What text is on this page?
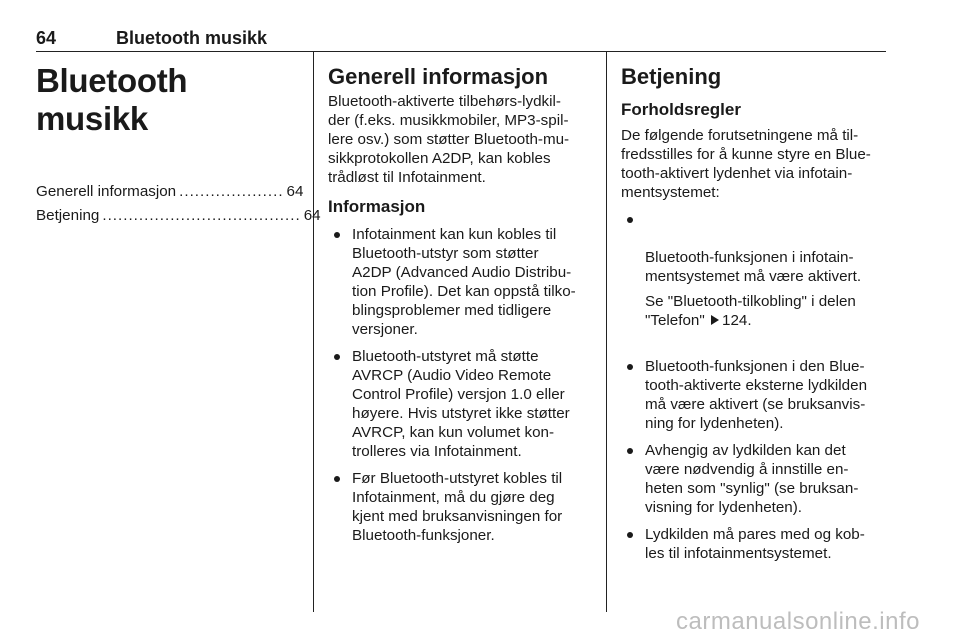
64	Bluetooth musikk
Bluetooth musikk
Generell informasjon .................... 64
Betjening ...................................... 64
Generell informasjon

Bluetooth-aktiverte tilbehørs-lydkil-
der (f.eks. musikkmobiler, MP3-spil-
lere osv.) som støtter Bluetooth-mu-
sikkprotokollen A2DP, kan kobles
trådløst til Infotainment.

Informasjon
Infotainment kan kun kobles til
Bluetooth-utstyr som støtter
A2DP (Advanced Audio Distribu-
tion Profile). Det kan oppstå tilko-
blingsproblemer med tidligere
versjoner.
Bluetooth-utstyret må støtte
AVRCP (Audio Video Remote
Control Profile) versjon 1.0 eller
høyere. Hvis utstyret ikke støtter
AVRCP, kan kun volumet kon-
trolleres via Infotainment.
Før Bluetooth-utstyret kobles til
Infotainment, må du gjøre deg
kjent med bruksanvisningen for
Bluetooth-funksjoner.
Betjening
Forholdsregler

De følgende forutsetningene må til-
fredsstilles for å kunne styre en Blue-
tooth-aktivert lydenhet via infotain-
mentsystemet:

Bluetooth-funksjonen i infotain-
mentsystemet må være aktivert.

Se "Bluetooth-tilkobling" i delen
"Telefon" 124.

Bluetooth-funksjonen i den Blue-
tooth-aktiverte eksterne lydkilden
må være aktivert (se bruksanvis-
ning for lydenheten).
Avhengig av lydkilden kan det
være nødvendig å innstille en-
heten som "synlig" (se bruksan-
visning for lydenheten).
Lydkilden må pares med og kob-
les til infotainmentsystemet.
carmanualsonline.info
